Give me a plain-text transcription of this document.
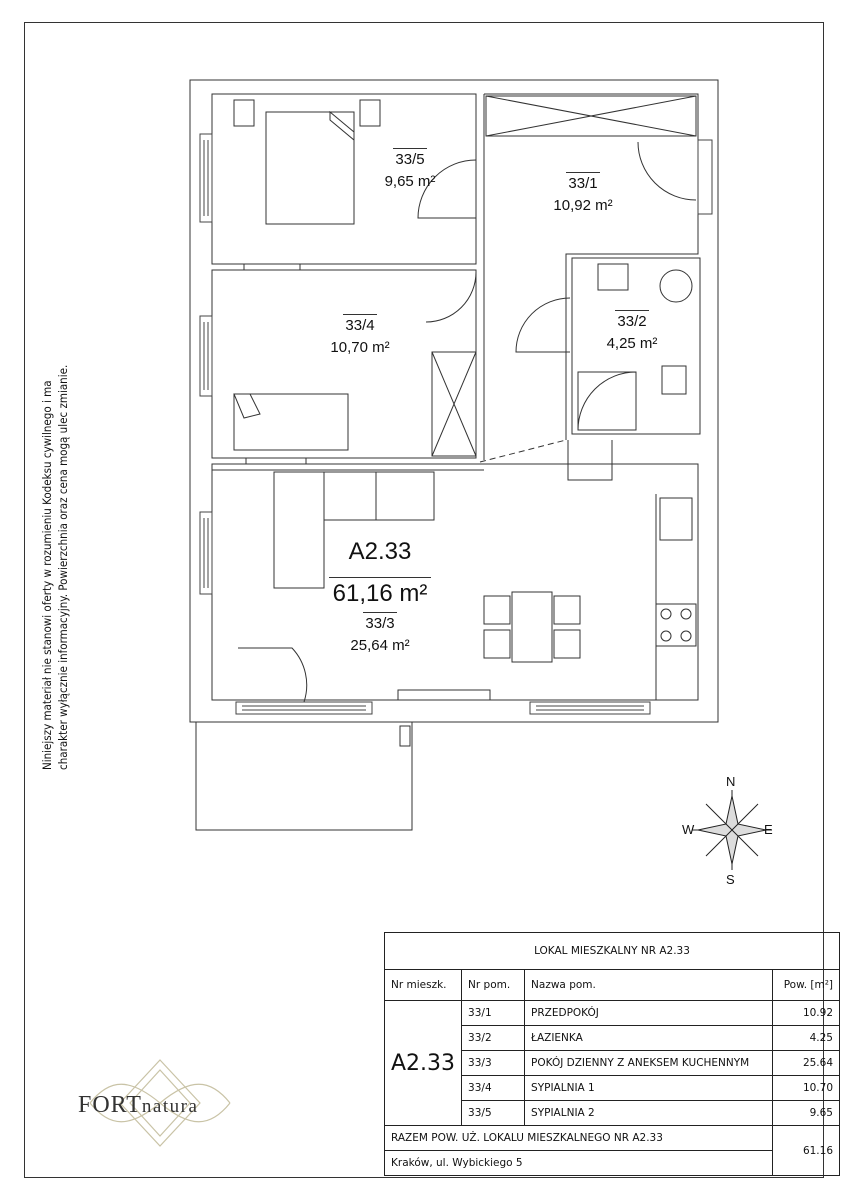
33/5
9,65 m²	33/1
10,92 m²
33/4
10,70 m²
33/2
4,25 m²
A2.33
61,16 m²
33/3
25,64 m²
Niniejszy materiał nie stanowi oferty w rozumieniu Kodeksu cywilnego i ma charakter wyłącznie informacyjny. Powierzchnia oraz cena mogą ulec zmianie.
N
E
S
W
FORTnatura
LOKAL MIESZKALNY NR A2.33			
Nr mieszk.	Nr pom.	Nazwa pom.	Pow. [m²]
A2.33	33/1	PRZEDPOKÓJ	10.92
	33/2	ŁAZIENKA	4.25
	33/3	POKÓJ DZIENNY Z ANEKSEM KUCHENNYM	25.64
	33/4	SYPIALNIA 1	10.70
	33/5	SYPIALNIA 2	9.65
RAZEM POW. UŻ. LOKALU MIESZKALNEGO NR A2.33			61.16
Kraków, ul. Wybickiego 5			
